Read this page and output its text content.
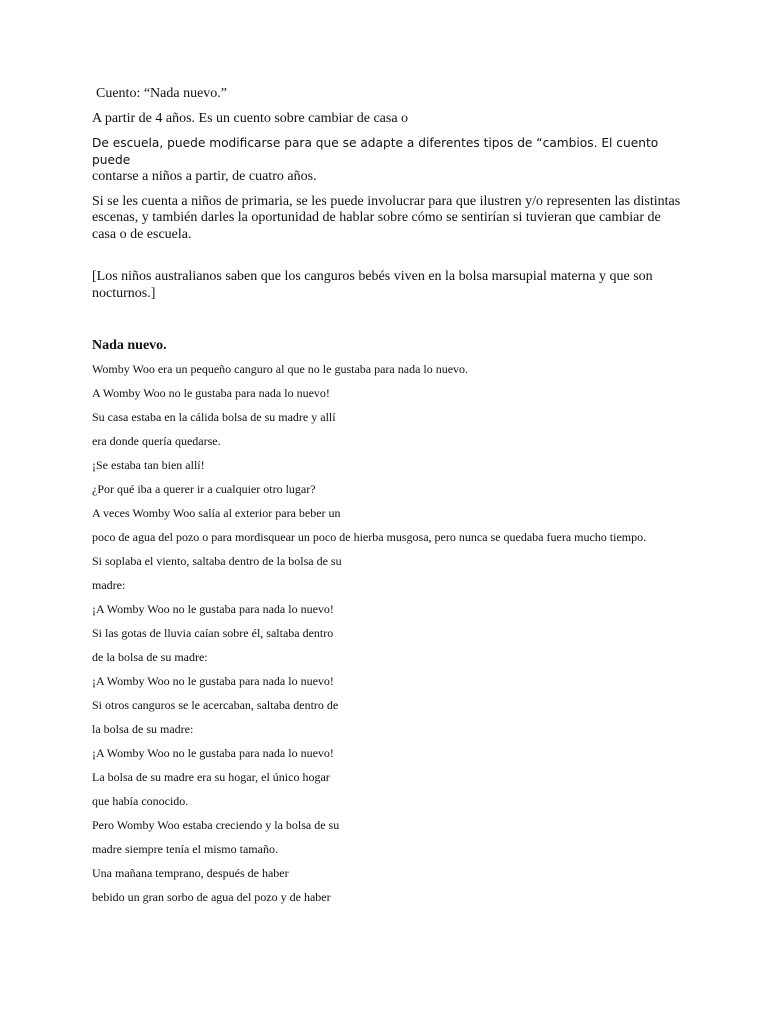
Cuento: “Nada nuevo.”

A partir de 4 años. Es un cuento sobre cambiar de casa o

De escuela, puede modificarse para que se adapte a diferentes tipos de “cambios. El cuento puede
contarse a niños a partir, de cuatro años.

Si se les cuenta a niños de primaria, se les puede involucrar para que ilustren y/o representen las distintas escenas, y también darles la oportunidad de hablar sobre cómo se sentirían si tuvieran que cambiar de casa o de escuela.

[Los niños australianos saben que los canguros bebés viven en la bolsa marsupial materna y que son nocturnos.]

Nada nuevo.

Womby Woo era un pequeño canguro al que no le gustaba para nada lo nuevo.

A Womby Woo no le gustaba para nada lo nuevo!

Su casa estaba en la cálida bolsa de su madre y allí

era donde quería quedarse.

¡Se estaba tan bien allí!

¿Por qué iba a querer ir a cualquier otro lugar?

A veces Womby Woo salía al exterior para beber un

poco de agua del pozo o para mordisquear un poco de hierba musgosa, pero nunca se quedaba fuera mucho tiempo.

Si soplaba el viento, saltaba dentro de la bolsa de su

madre:

¡A Womby Woo no le gustaba para nada lo nuevo!

Si las gotas de lluvia caían sobre él, saltaba dentro

de la bolsa de su madre:

¡A Womby Woo no le gustaba para nada lo nuevo!

Si otros canguros se le acercaban, saltaba dentro de

la bolsa de su madre:

¡A Womby Woo no le gustaba para nada lo nuevo!

La bolsa de su madre era su hogar, el único hogar

que había conocido.

Pero Womby Woo estaba creciendo y la bolsa de su

madre siempre tenía el mismo tamaño.

Una mañana temprano, después de haber

bebido un gran sorbo de agua del pozo y de haber
